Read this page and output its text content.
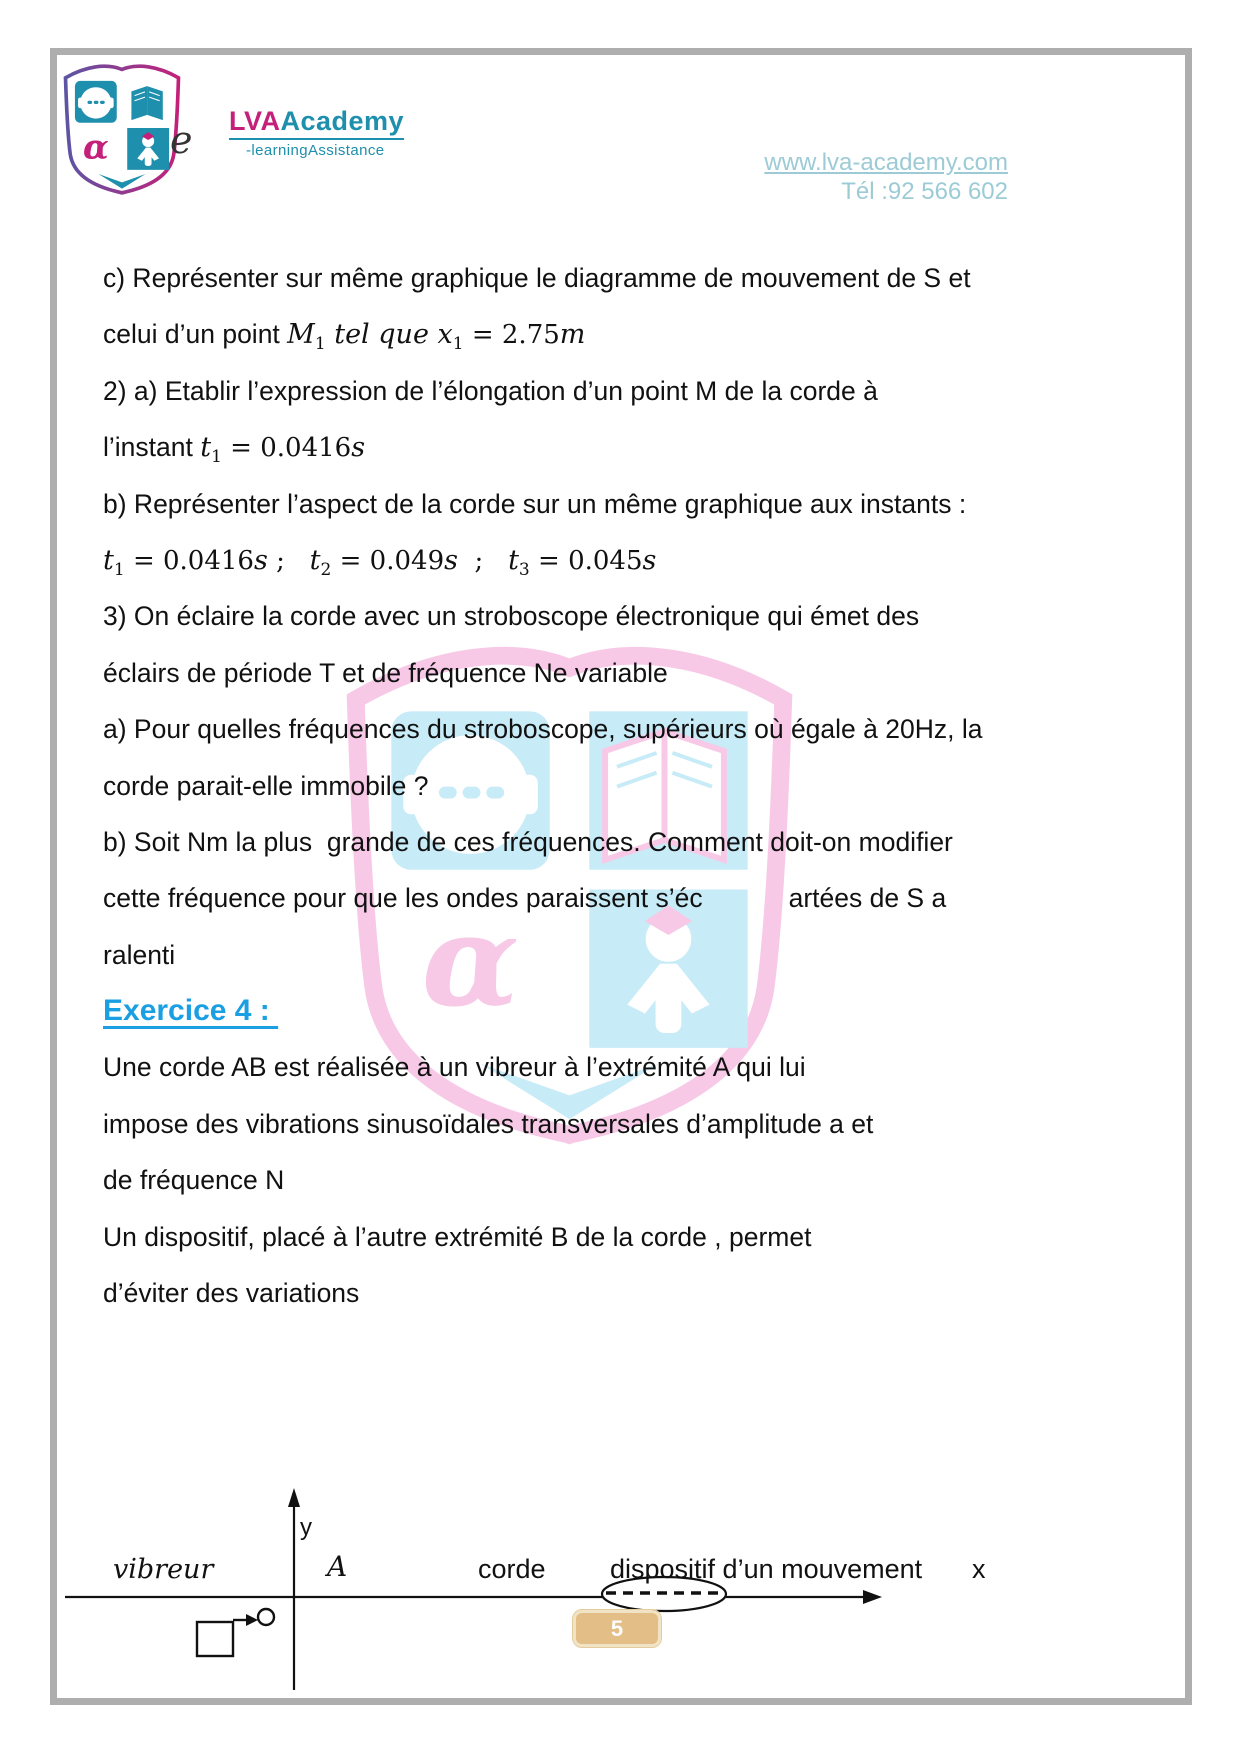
α e LVAAcademy
-learningAssistance	www.lva-academy.com
Tél :92 566 602
α
c) Représenter sur même graphique le diagramme de mouvement de S et
celui d’un point $M_1$ tel que $x_1 = 2.75m$
2) a) Etablir l’expression de l’élongation d’un point M de la corde à
l’instant $t_1 = 0.0416s$
b) Représenter l’aspect de la corde sur un même graphique aux instants :
$t_1 = 0.0416s$ ;   $t_2 = 0.049s$  ;   $t_3 = 0.045s$
3) On éclaire la corde avec un stroboscope électronique qui émet des
éclairs de période T et de fréquence Ne variable
a) Pour quelles fréquences du stroboscope, supérieurs où égale à 20Hz, la
corde parait-elle immobile ?
b) Soit Nm la plus  grande de ces fréquences. Comment doit-on modifier
cette fréquence pour que les ondes paraissent s’éc	artées de S a
ralenti
Exercice 4 :
Une corde AB est réalisée à un vibreur à l’extrémité A qui lui
impose des vibrations sinusoïdales transversales d’amplitude a et
de fréquence N
Un dispositif, placé à l’autre extrémité B de la corde , permet
d’éviter des variations
vibreur
y
A	corde dispositif d’un mouvement x
5
